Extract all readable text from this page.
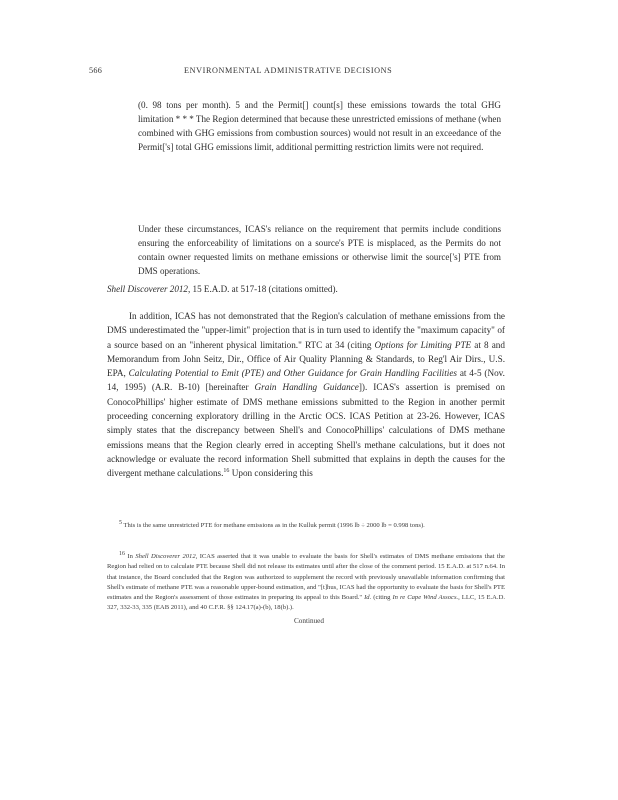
566	ENVIRONMENTAL ADMINISTRATIVE DECISIONS
(0. 98 tons per month). 5 and the Permit[] count[s] these emissions towards the total GHG limitation * * * The Region determined that because these unrestricted emissions of methane (when combined with GHG emissions from combustion sources) would not result in an exceedance of the Permit['s] total GHG emissions limit, additional permitting restriction limits were not required.
Under these circumstances, ICAS's reliance on the requirement that permits include conditions ensuring the enforceability of limitations on a source's PTE is misplaced, as the Permits do not contain owner requested limits on methane emissions or otherwise limit the source['s] PTE from DMS operations.
Shell Discoverer 2012, 15 E.A.D. at 517-18 (citations omitted).
In addition, ICAS has not demonstrated that the Region's calculation of methane emissions from the DMS underestimated the "upper-limit" projection that is in turn used to identify the "maximum capacity" of a source based on an "inherent physical limitation." RTC at 34 (citing Options for Limiting PTE at 8 and Memorandum from John Seitz, Dir., Office of Air Quality Planning & Standards, to Reg'l Air Dirs., U.S. EPA, Calculating Potential to Emit (PTE) and Other Guidance for Grain Handling Facilities at 4-5 (Nov. 14, 1995) (A.R. B-10) [hereinafter Grain Handling Guidance]). ICAS's assertion is premised on ConocoPhillips' higher estimate of DMS methane emissions submitted to the Region in another permit proceeding concerning exploratory drilling in the Arctic OCS. ICAS Petition at 23-26. However, ICAS simply states that the discrepancy between Shell's and ConocoPhillips' calculations of DMS methane emissions means that the Region clearly erred in accepting Shell's methane calculations, but it does not acknowledge or evaluate the record information Shell submitted that explains in depth the causes for the divergent methane calculations.$^{16}$ Upon considering this
5 This is the same unrestricted PTE for methane emissions as in the Kulluk permit (1996 lb ÷ 2000 lb = 0.998 tons).
16 In Shell Discoverer 2012, ICAS asserted that it was unable to evaluate the basis for Shell's estimates of DMS methane emissions that the Region had relied on to calculate PTE because Shell did not release its estimates until after the close of the comment period. 15 E.A.D. at 517 n.64. In that instance, the Board concluded that the Region was authorized to supplement the record with previously unavailable information confirming that Shell's estimate of methane PTE was a reasonable upper-bound estimation, and "[t]hus, ICAS had the opportunity to evaluate the basis for Shell's PTE estimates and the Region's assessment of those estimates in preparing its appeal to this Board." Id. (citing In re Cape Wind Assocs., LLC, 15 E.A.D. 327, 332-33, 335 (EAB 2011), and 40 C.F.R. §§ 124.17(a)-(b), 18(b).).
Continued
